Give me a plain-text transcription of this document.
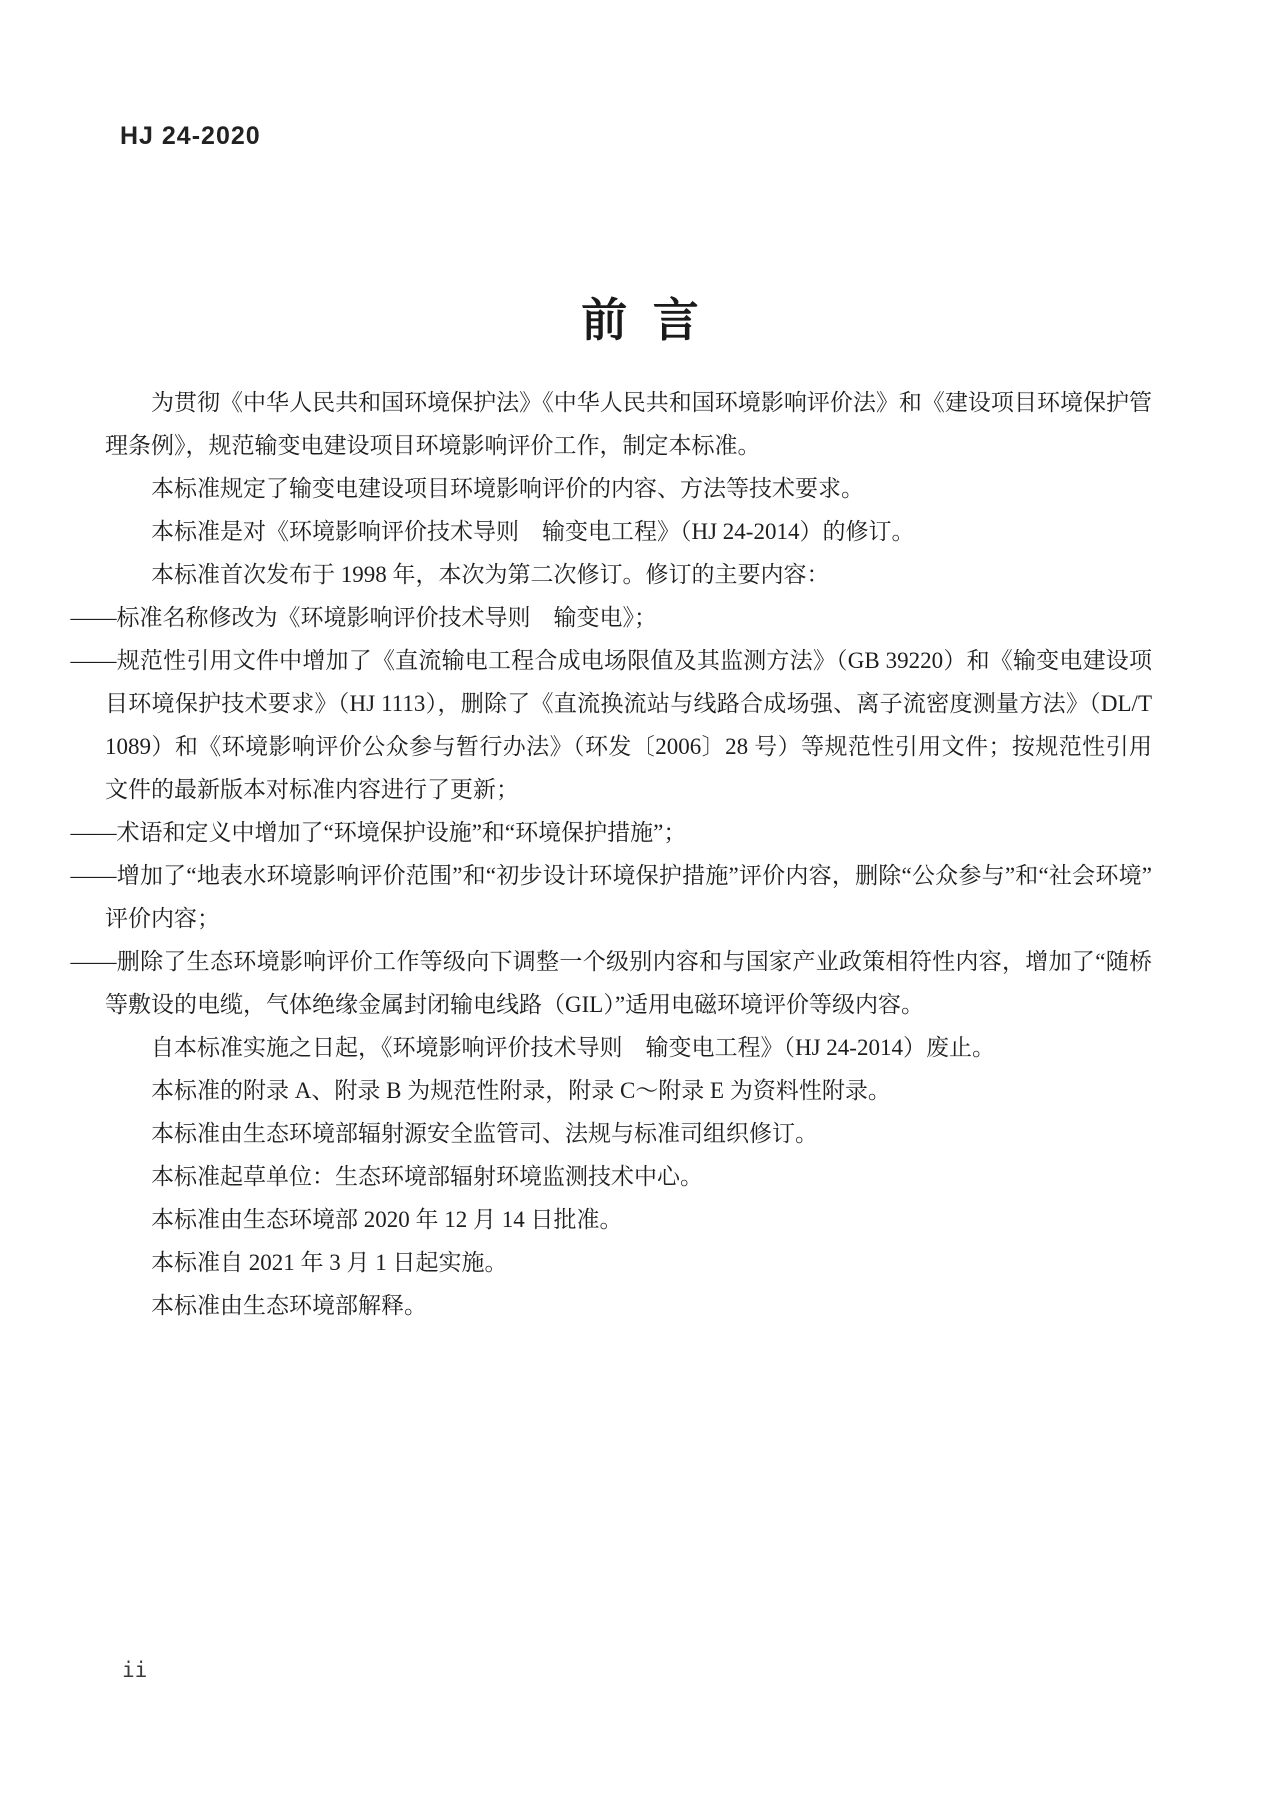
HJ 24-2020
前  言

为贯彻《中华人民共和国环境保护法》《中华人民共和国环境影响评价法》和《建设项目环境保护管理条例》，规范输变电建设项目环境影响评价工作，制定本标准。

本标准规定了输变电建设项目环境影响评价的内容、方法等技术要求。

本标准是对《环境影响评价技术导则　输变电工程》（HJ 24-2014）的修订。

本标准首次发布于 1998 年，本次为第二次修订。修订的主要内容：

——标准名称修改为《环境影响评价技术导则　输变电》；

——规范性引用文件中增加了《直流输电工程合成电场限值及其监测方法》（GB 39220）和《输变电建设项目环境保护技术要求》（HJ 1113），删除了《直流换流站与线路合成场强、离子流密度测量方法》（DL/T 1089）和《环境影响评价公众参与暂行办法》（环发〔2006〕28 号）等规范性引用文件；按规范性引用文件的最新版本对标准内容进行了更新；

——术语和定义中增加了“环境保护设施”和“环境保护措施”；

——增加了“地表水环境影响评价范围”和“初步设计环境保护措施”评价内容，删除“公众参与”和“社会环境”评价内容；

——删除了生态环境影响评价工作等级向下调整一个级别内容和与国家产业政策相符性内容，增加了“随桥等敷设的电缆，气体绝缘金属封闭输电线路（GIL）”适用电磁环境评价等级内容。

自本标准实施之日起，《环境影响评价技术导则　输变电工程》（HJ 24-2014）废止。

本标准的附录 A、附录 B 为规范性附录，附录 C～附录 E 为资料性附录。

本标准由生态环境部辐射源安全监管司、法规与标准司组织修订。

本标准起草单位：生态环境部辐射环境监测技术中心。

本标准由生态环境部 2020 年 12 月 14 日批准。

本标准自 2021 年 3 月 1 日起实施。

本标准由生态环境部解释。

ii
